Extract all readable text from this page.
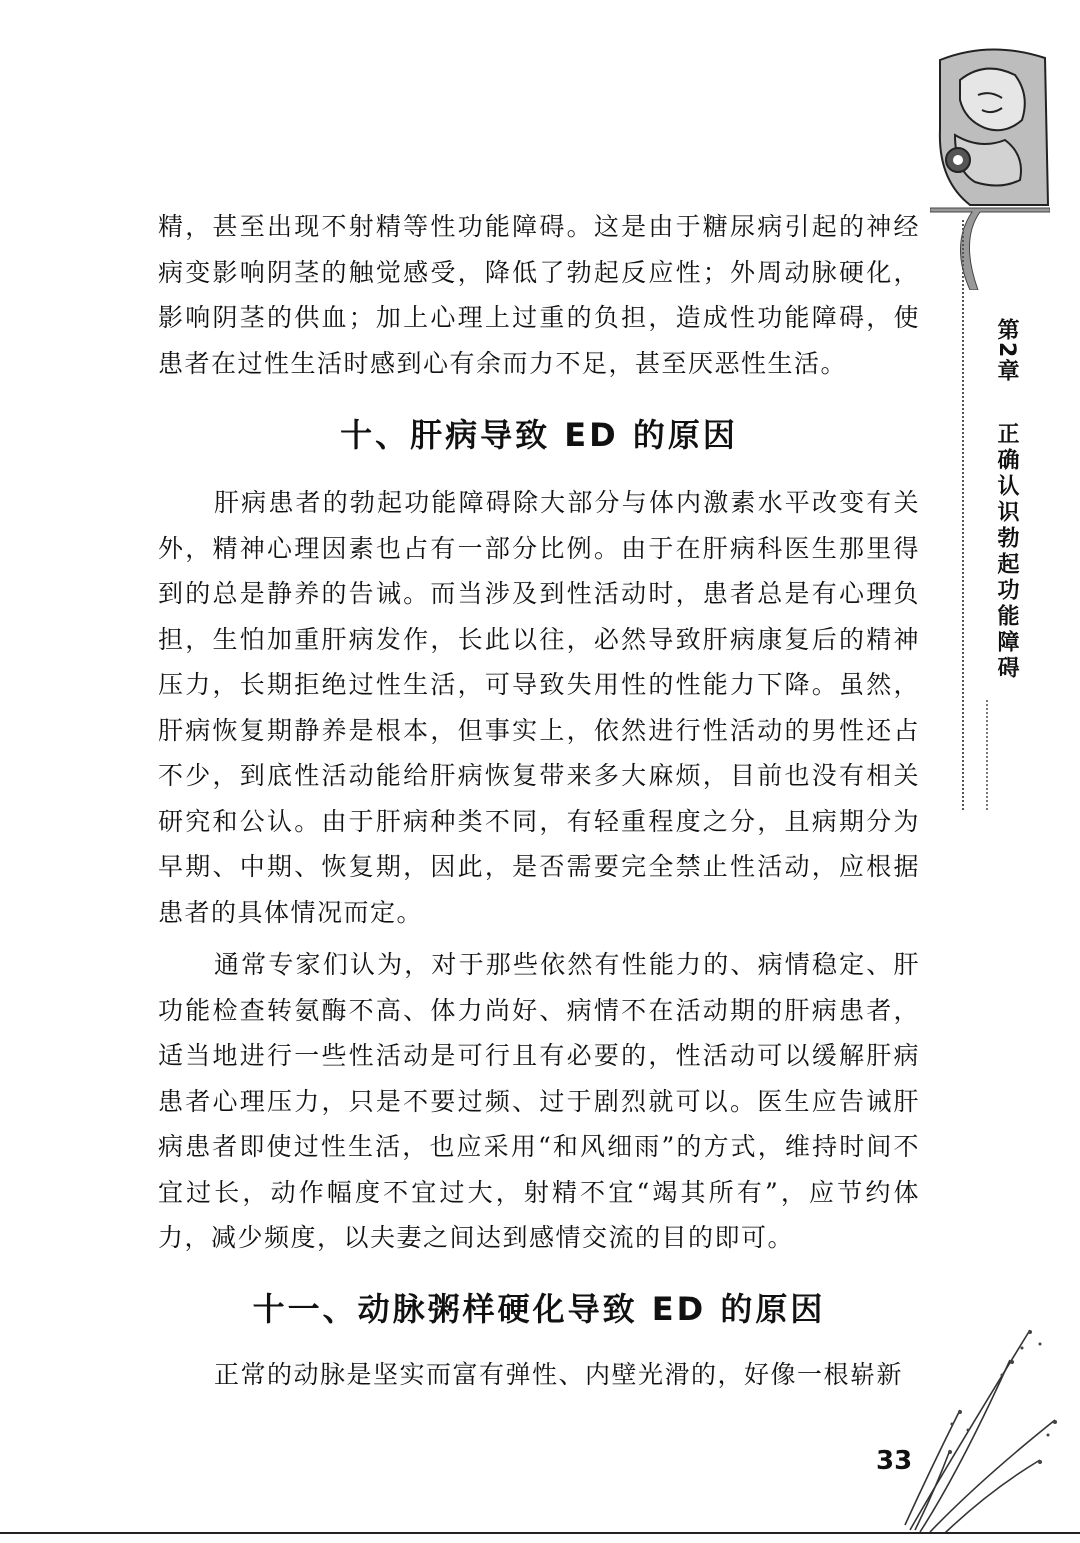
第2章
正确认识勃起功能障碍

精，甚至出现不射精等性功能障碍。这是由于糖尿病引起的神经病变影响阴茎的触觉感受，降低了勃起反应性；外周动脉硬化，影响阴茎的供血；加上心理上过重的负担，造成性功能障碍，使患者在过性生活时感到心有余而力不足，甚至厌恶性生活。

十、肝病导致 ED 的原因

肝病患者的勃起功能障碍除大部分与体内激素水平改变有关外，精神心理因素也占有一部分比例。由于在肝病科医生那里得到的总是静养的告诫。而当涉及到性活动时，患者总是有心理负担，生怕加重肝病发作，长此以往，必然导致肝病康复后的精神压力，长期拒绝过性生活，可导致失用性的性能力下降。虽然，肝病恢复期静养是根本，但事实上，依然进行性活动的男性还占不少，到底性活动能给肝病恢复带来多大麻烦，目前也没有相关研究和公认。由于肝病种类不同，有轻重程度之分，且病期分为早期、中期、恢复期，因此，是否需要完全禁止性活动，应根据患者的具体情况而定。

通常专家们认为，对于那些依然有性能力的、病情稳定、肝功能检查转氨酶不高、体力尚好、病情不在活动期的肝病患者，适当地进行一些性活动是可行且有必要的，性活动可以缓解肝病患者心理压力，只是不要过频、过于剧烈就可以。医生应告诫肝病患者即使过性生活，也应采用“和风细雨”的方式，维持时间不宜过长，动作幅度不宜过大，射精不宜“竭其所有”，应节约体力，减少频度，以夫妻之间达到感情交流的目的即可。

十一、动脉粥样硬化导致 ED 的原因

正常的动脉是坚实而富有弹性、内壁光滑的，好像一根崭新

33
